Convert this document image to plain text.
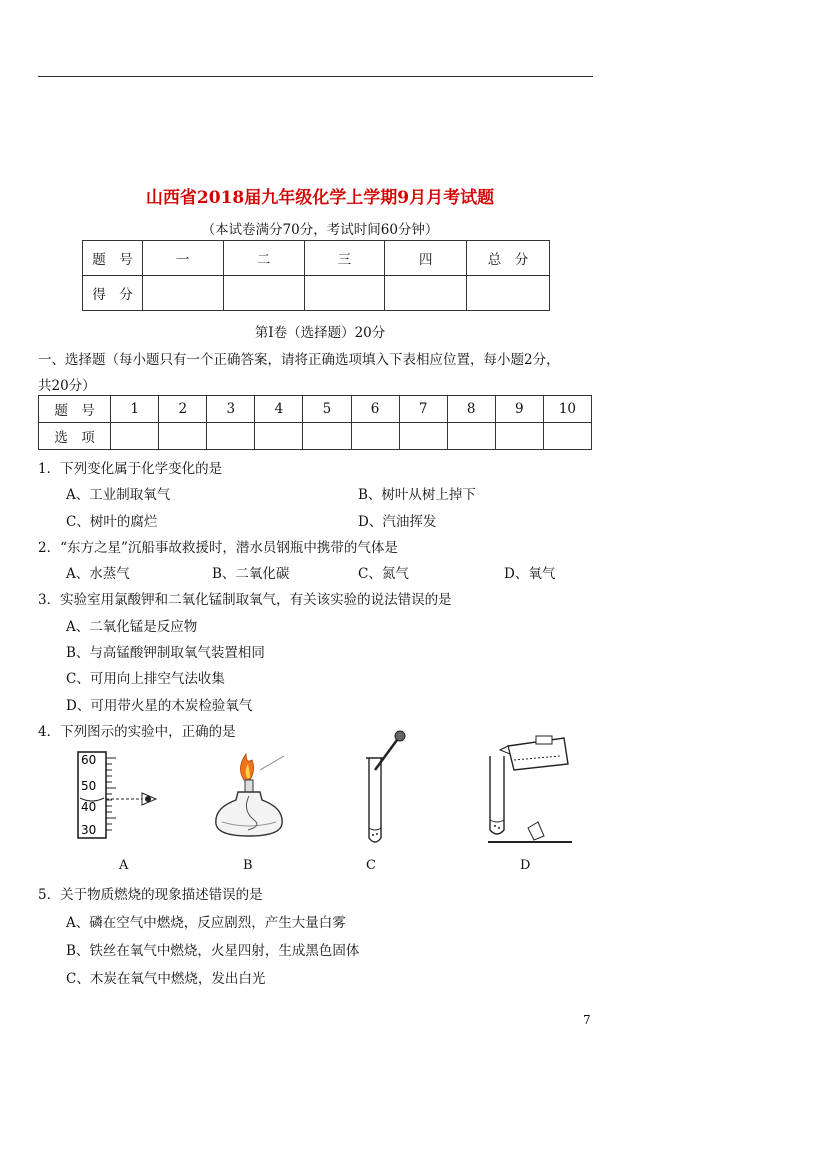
山西省2018届九年级化学上学期9月月考试题
（本试卷满分70分，考试时间60分钟）
题　号	一	二	三	四	总　分
得　分					
第Ⅰ卷（选择题）20分
一、选择题（每小题只有一个正确答案，请将正确选项填入下表相应位置，每小题2分，
共20分）
题　号	1	2	3	4	5	6	7	8	9	10
选　项										
1．下列变化属于化学变化的是
A、工业制取氧气	B、树叶从树上掉下
C、树叶的腐烂	D、汽油挥发
2．“东方之星”沉船事故救援时，潜水员钢瓶中携带的气体是
A、水蒸气	B、二氧化碳	C、氮气	D、氧气
3．实验室用氯酸钾和二氧化锰制取氧气，有关该实验的说法错误的是
A、二氧化锰是反应物
B、与高锰酸钾制取氧气装置相同
C、可用向上排空气法收集
D、可用带火星的木炭检验氧气
4．下列图示的实验中，正确的是
60
50
40
30
A	B	C	D
5．关于物质燃烧的现象描述错误的是
A、磷在空气中燃烧，反应剧烈，产生大量白雾
B、铁丝在氧气中燃烧，火星四射，生成黑色固体
C、木炭在氧气中燃烧，发出白光
7
